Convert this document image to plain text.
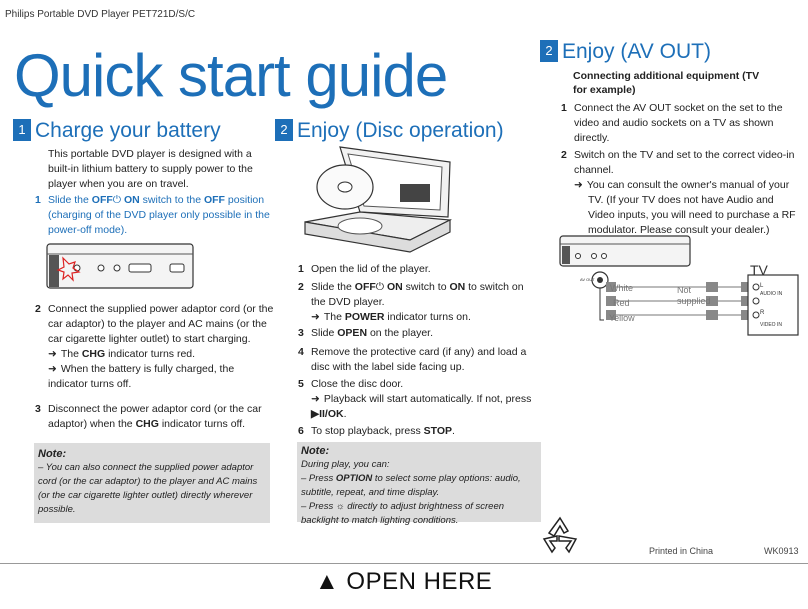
Philips Portable DVD Player PET721D/S/C
Quick start guide
1 Charge your battery
This portable DVD player is designed with a built-in lithium battery to supply power to the player when you are on travel.
1 Slide the OFF⏻ ON switch to the OFF position (charging of the DVD player only possible in the power-off mode).
2 Connect the supplied power adaptor cord (or the car adaptor) to the player and AC mains (or the car cigarette lighter outlet) to start charging.
➜ The CHG indicator turns red.
➜ When the battery is fully charged, the indicator turns off.
3 Disconnect the power adaptor cord (or the car adaptor) when the CHG indicator turns off.
Note:
– You can also connect the supplied power adaptor cord (or the car adaptor) to the player and AC mains (or the car cigarette lighter outlet) directly wherever possible.
2 Enjoy (Disc operation)
1 Open the lid of the player.
2 Slide the OFF⏻ ON switch to ON to switch on the DVD player.
➜ The POWER indicator turns on.
3 Slide OPEN on the player.
4 Remove the protective card (if any) and load a disc with the label side facing up.
5 Close the disc door.
➜ Playback will start automatically. If not, press ▶II/OK.
6 To stop playback, press STOP.
Note:
During play, you can:
– Press OPTION to select some play options: audio, subtitle, repeat, and time display.
– Press ☼ directly to adjust brightness of screen backlight to match lighting conditions.
2 Enjoy (AV OUT)
Connecting additional equipment (TV for example)
1 Connect the AV OUT socket on the set to the video and audio sockets on a TV as shown directly.
2 Switch on the TV and set to the correct video-in channel.
➜ You can consult the owner's manual of your TV. (If your TV does not have Audio and Video inputs, you will need to purchase a RF modulator. Please consult your dealer.)
TV
White
Red
Yellow
Not supplied
L
AUDIO IN
R
VIDEO IN
AV OUT
Printed in China	WK0913
▲ OPEN HERE
